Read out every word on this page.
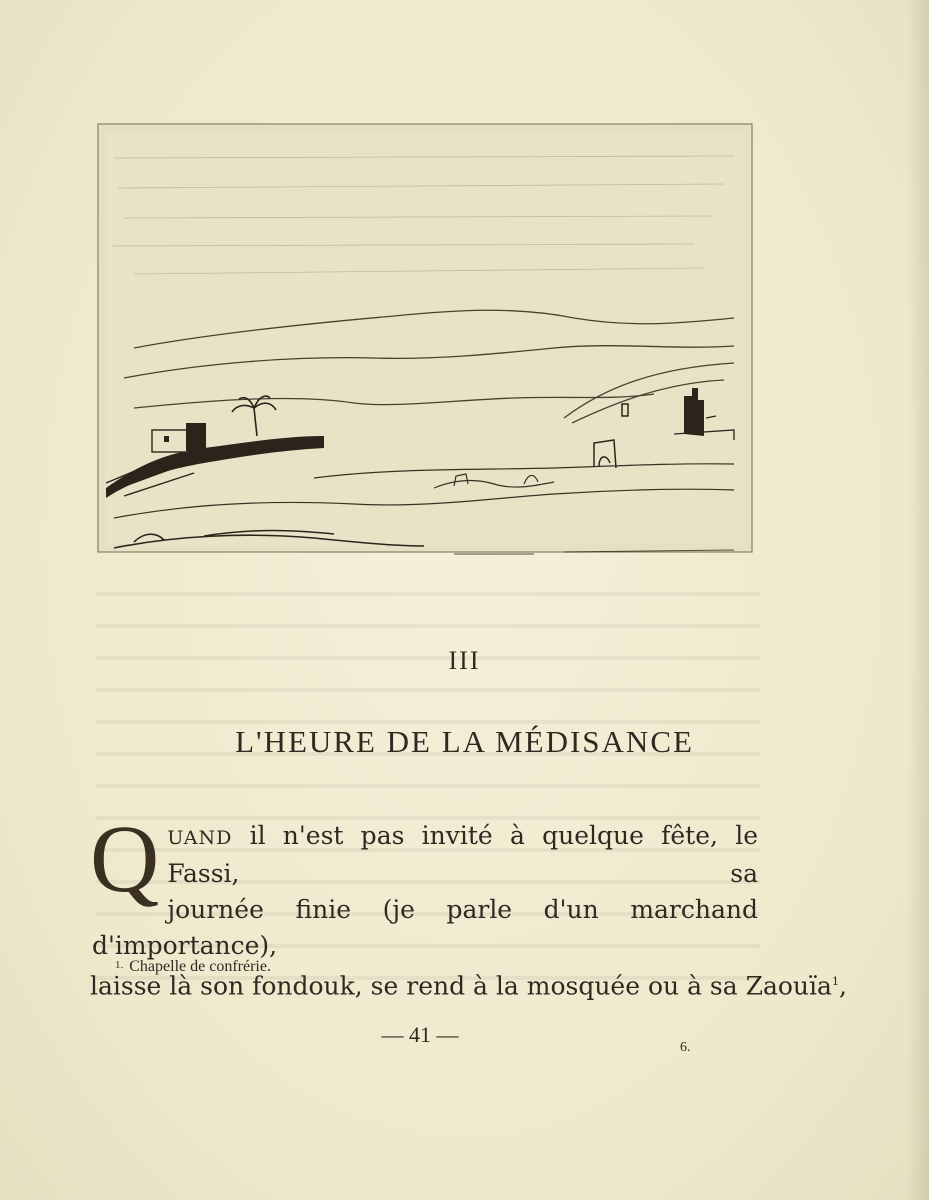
III
L'HEURE DE LA MÉDISANCE
Q UAND il n'est pas invité à quelque fête, le Fassi, sa
journée finie (je parle d'un marchand d'importance),
laisse là son fondouk, se rend à la mosquée ou à sa Zaouïa$^1$,
1. Chapelle de confrérie.
— 41 —
6.
